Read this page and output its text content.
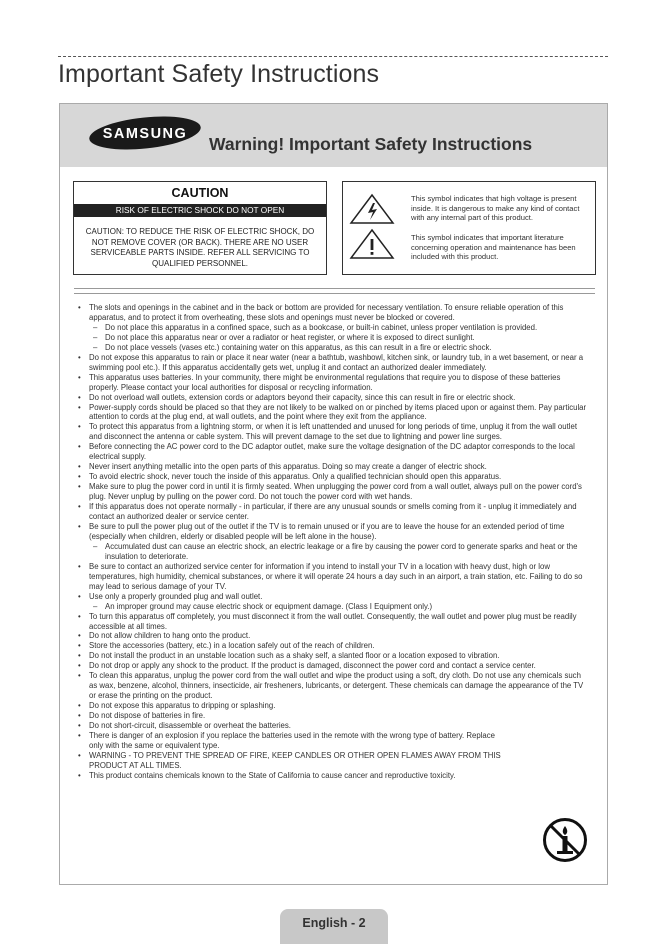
Important Safety Instructions
SAMSUNG Warning! Important Safety Instructions
CAUTION
RISK OF ELECTRIC SHOCK DO NOT OPEN
CAUTION: TO REDUCE THE RISK OF ELECTRIC SHOCK, DO NOT REMOVE COVER (OR BACK). THERE ARE NO USER SERVICEABLE PARTS INSIDE. REFER ALL SERVICING TO QUALIFIED PERSONNEL.
This symbol indicates that high voltage is present inside. It is dangerous to make any kind of contact with any internal part of this product.
This symbol indicates that important literature concerning operation and maintenance has been included with this product.
• The slots and openings in the cabinet and in the back or bottom are provided for necessary ventilation. To ensure reliable operation of this apparatus, and to protect it from overheating, these slots and openings must never be blocked or covered.
– Do not place this apparatus in a confined space, such as a bookcase, or built-in cabinet, unless proper ventilation is provided.
– Do not place this apparatus near or over a radiator or heat register, or where it is exposed to direct sunlight.
– Do not place vessels (vases etc.) containing water on this apparatus, as this can result in a fire or electric shock.
• Do not expose this apparatus to rain or place it near water (near a bathtub, washbowl, kitchen sink, or laundry tub, in a wet basement, or near a swimming pool etc.). If this apparatus accidentally gets wet, unplug it and contact an authorized dealer immediately.
• This apparatus uses batteries. In your community, there might be environmental regulations that require you to dispose of these batteries properly. Please contact your local authorities for disposal or recycling information.
• Do not overload wall outlets, extension cords or adaptors beyond their capacity, since this can result in fire or electric shock.
• Power-supply cords should be placed so that they are not likely to be walked on or pinched by items placed upon or against them. Pay particular attention to cords at the plug end, at wall outlets, and the point where they exit from the appliance.
• To protect this apparatus from a lightning storm, or when it is left unattended and unused for long periods of time, unplug it from the wall outlet and disconnect the antenna or cable system. This will prevent damage to the set due to lightning and power line surges.
• Before connecting the AC power cord to the DC adaptor outlet, make sure the voltage designation of the DC adaptor corresponds to the local electrical supply.
• Never insert anything metallic into the open parts of this apparatus. Doing so may create a danger of electric shock.
• To avoid electric shock, never touch the inside of this apparatus. Only a qualified technician should open this apparatus.
• Make sure to plug the power cord in until it is firmly seated. When unplugging the power cord from a wall outlet, always pull on the power cord's plug. Never unplug by pulling on the power cord. Do not touch the power cord with wet hands.
• If this apparatus does not operate normally - in particular, if there are any unusual sounds or smells coming from it - unplug it immediately and contact an authorized dealer or service center.
• Be sure to pull the power plug out of the outlet if the TV is to remain unused or if you are to leave the house for an extended period of time (especially when children, elderly or disabled people will be left alone in the house).
– Accumulated dust can cause an electric shock, an electric leakage or a fire by causing the power cord to generate sparks and heat or the insulation to deteriorate.
• Be sure to contact an authorized service center for information if you intend to install your TV in a location with heavy dust, high or low temperatures, high humidity, chemical substances, or where it will operate 24 hours a day such in an airport, a train station, etc. Failing to do so may lead to serious damage of your TV.
• Use only a properly grounded plug and wall outlet.
– An improper ground may cause electric shock or equipment damage. (Class I Equipment only.)
• To turn this apparatus off completely, you must disconnect it from the wall outlet. Consequently, the wall outlet and power plug must be readily accessible at all times.
• Do not allow children to hang onto the product.
• Store the accessories (battery, etc.) in a location safely out of the reach of children.
• Do not install the product in an unstable location such as a shaky self, a slanted floor or a location exposed to vibration.
• Do not drop or apply any shock to the product. If the product is damaged, disconnect the power cord and contact a service center.
• To clean this apparatus, unplug the power cord from the wall outlet and wipe the product using a soft, dry cloth. Do not use any chemicals such as wax, benzene, alcohol, thinners, insecticide, air fresheners, lubricants, or detergent. These chemicals can damage the appearance of the TV or erase the printing on the product.
• Do not expose this apparatus to dripping or splashing.
• Do not dispose of batteries in fire.
• Do not short-circuit, disassemble or overheat the batteries.
• There is danger of an explosion if you replace the batteries used in the remote with the wrong type of battery. Replace only with the same or equivalent type.
• WARNING - TO PREVENT THE SPREAD OF FIRE, KEEP CANDLES OR OTHER OPEN FLAMES AWAY FROM THIS PRODUCT AT ALL TIMES.
• This product contains chemicals known to the State of California to cause cancer and reproductive toxicity.
English - 2
